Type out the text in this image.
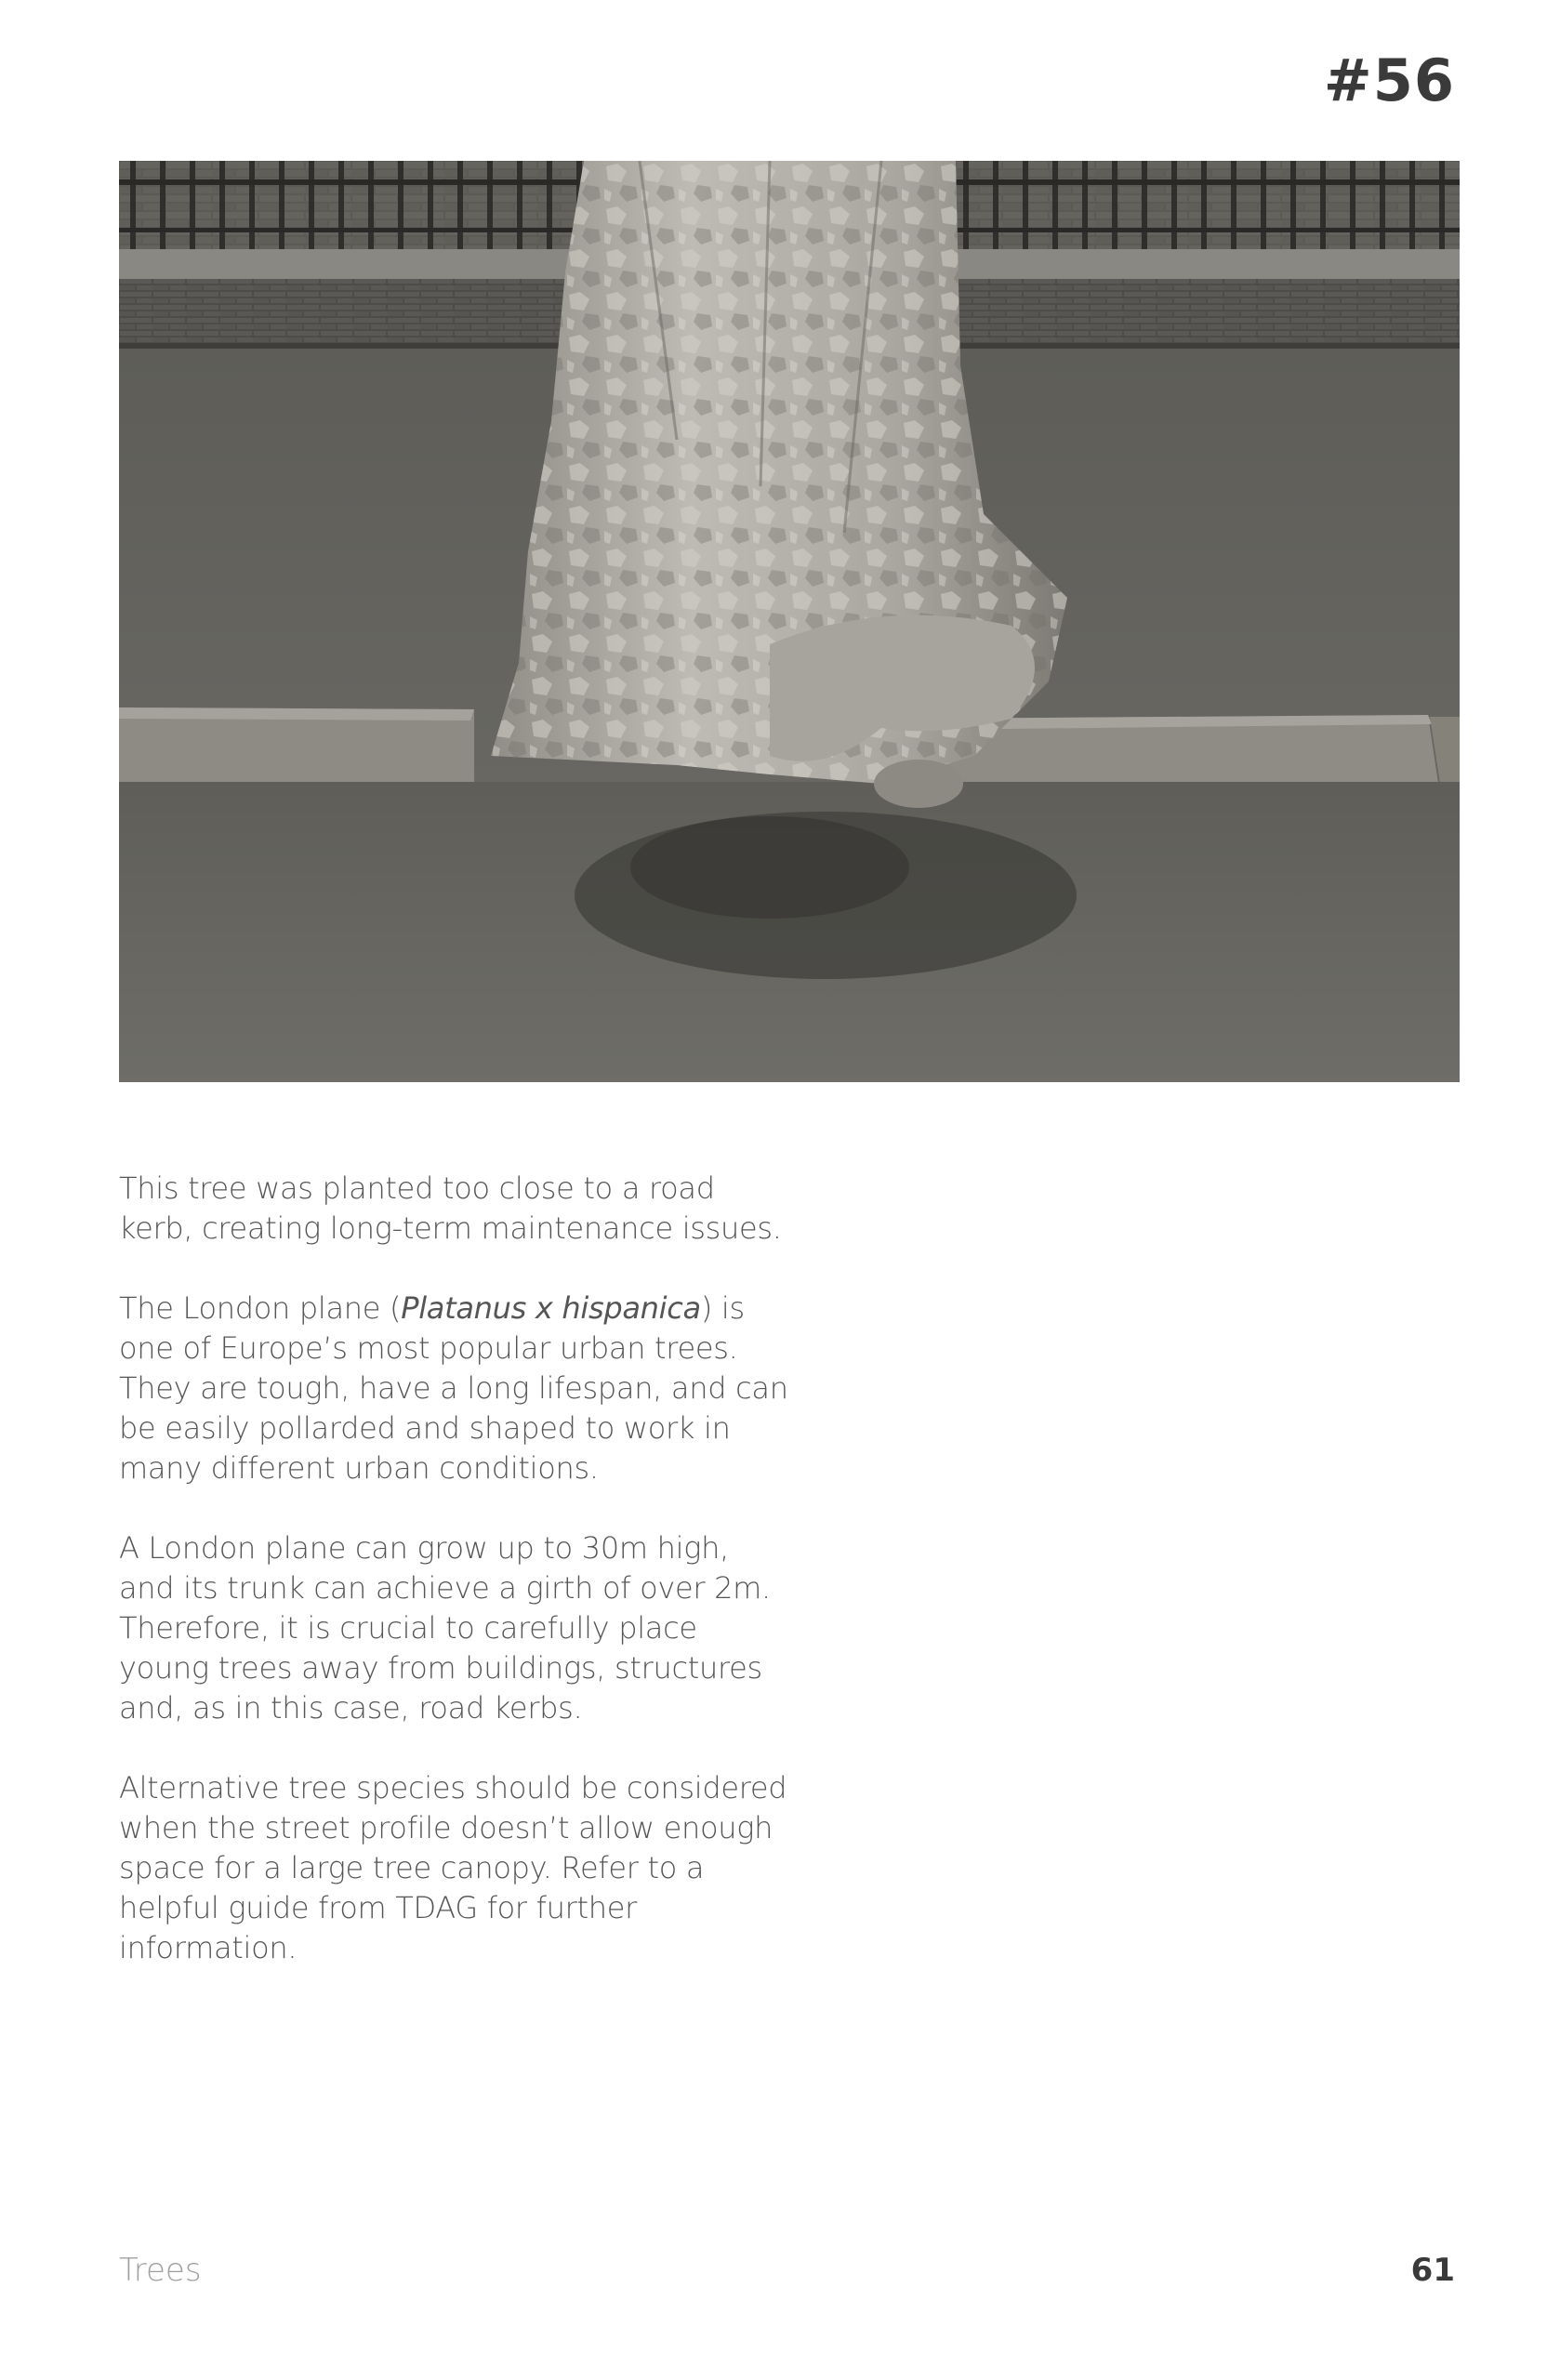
#56

This tree was planted too close to a road kerb, creating long-term maintenance issues.

The London plane (Platanus x hispanica) is one of Europe’s most popular urban trees. They are tough, have a long lifespan, and can be easily pollarded and shaped to work in many different urban conditions.

A London plane can grow up to 30m high, and its trunk can achieve a girth of over 2m. Therefore, it is crucial to carefully place young trees away from buildings, structures and, as in this case, road kerbs.

Alternative tree species should be considered when the street profile doesn’t allow enough space for a large tree canopy. Refer to a helpful guide from TDAG for further information.

Trees	61
